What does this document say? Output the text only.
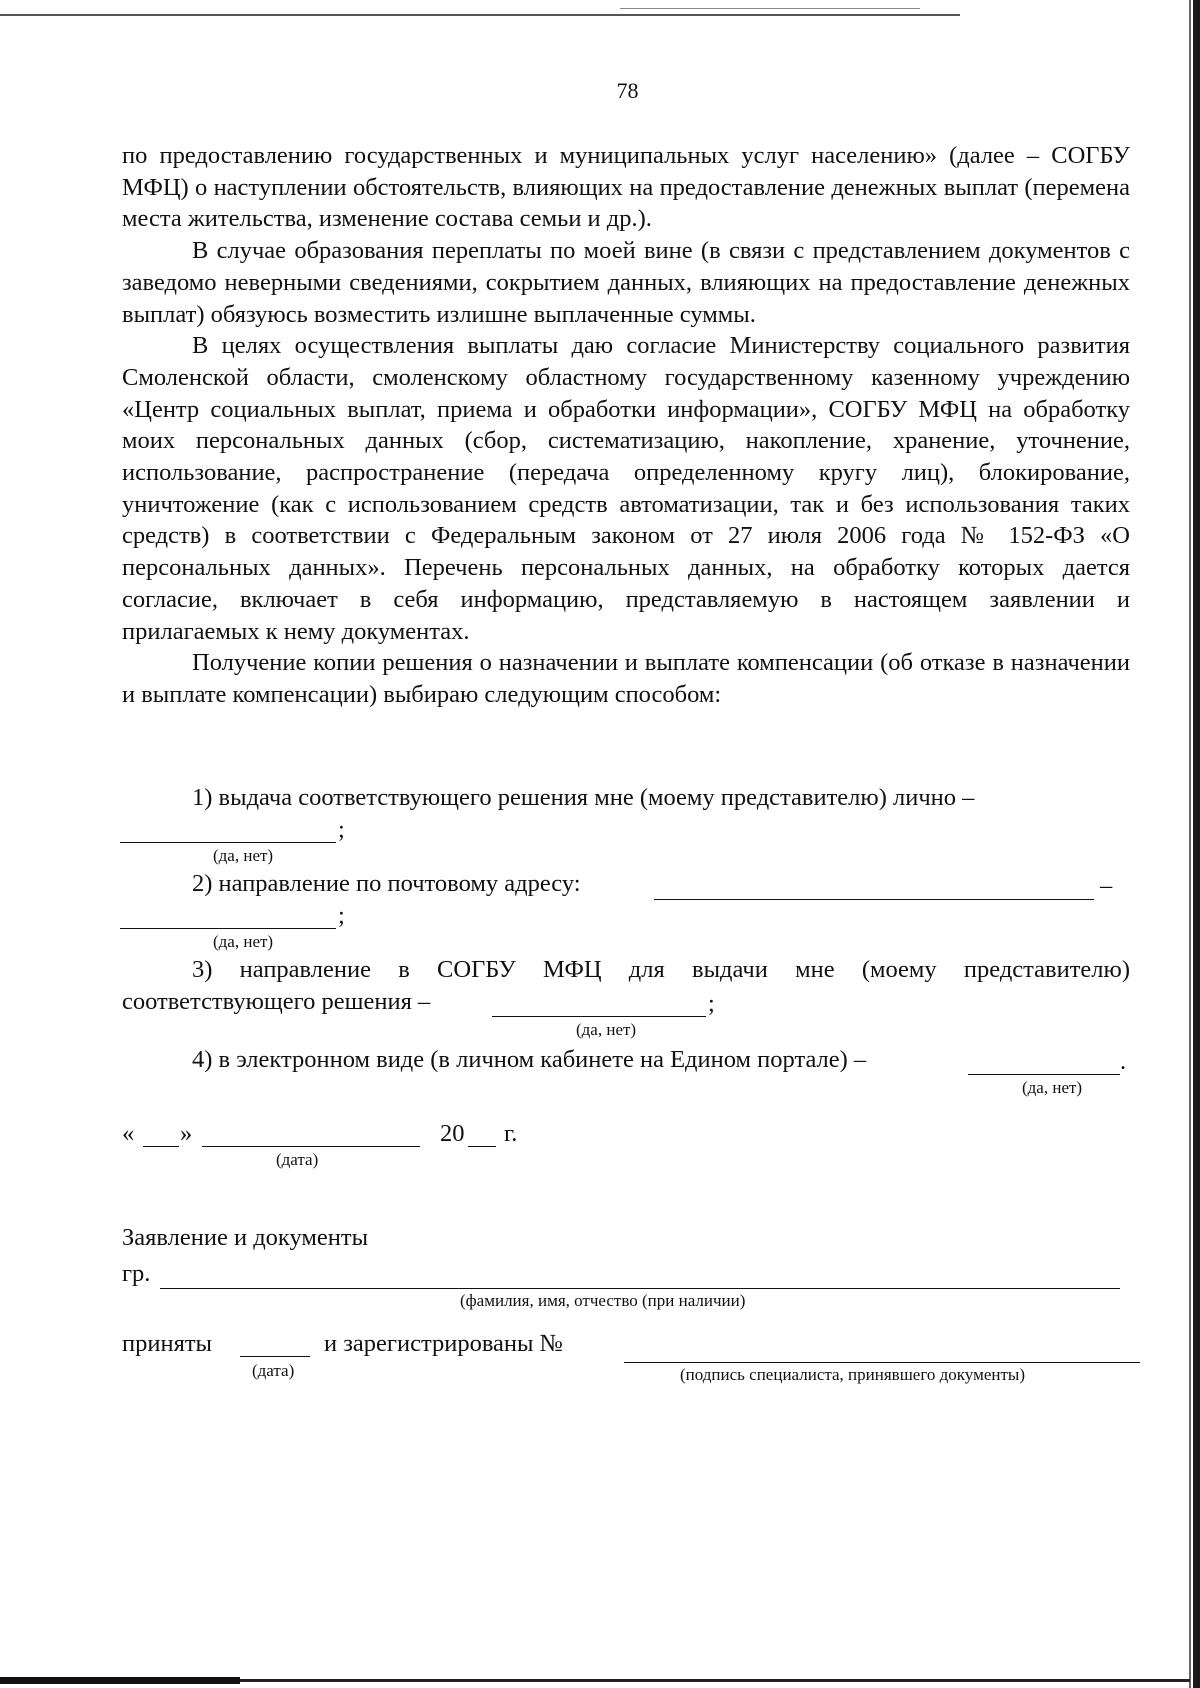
78

по предоставлению государственных и муниципальных услуг населению» (далее – СОГБУ МФЦ) о наступлении обстоятельств, влияющих на предоставление денежных выплат (перемена места жительства, изменение состава семьи и др.).

В случае образования переплаты по моей вине (в связи с представлением документов с заведомо неверными сведениями, сокрытием данных, влияющих на предоставление денежных выплат) обязуюсь возместить излишне выплаченные суммы.

В целях осуществления выплаты даю согласие Министерству социального развития Смоленской области, смоленскому областному государственному казенному учреждению «Центр социальных выплат, приема и обработки информации», СОГБУ МФЦ на обработку моих персональных данных (сбор, систематизацию, накопление, хранение, уточнение, использование, распространение (передача определенному кругу лиц), блокирование, уничтожение (как с использованием средств автоматизации, так и без использования таких средств) в соответствии с Федеральным законом от 27 июля 2006 года № 152-ФЗ «О персональных данных». Перечень персональных данных, на обработку которых дается согласие, включает в себя информацию, представляемую в настоящем заявлении и прилагаемых к нему документах.

Получение копии решения о назначении и выплате компенсации (об отказе в назначении и выплате компенсации) выбираю следующим способом:

1) выдача соответствующего решения мне (моему представителю) лично –
;
(да, нет)
2) направление по почтовому адресу:	–
;
(да, нет)
3) направление в СОГБУ МФЦ для выдачи мне (моему представителю)
соответствующего решения –	;
(да, нет)
4) в электронном виде (в личном кабинете на Едином портале) –	.
(да, нет)
« »	20 г.
(дата)
Заявление и документы
гр.
(фамилия, имя, отчество (при наличии)
приняты
(дата)
и зарегистрированы №
(подпись специалиста, принявшего документы)
